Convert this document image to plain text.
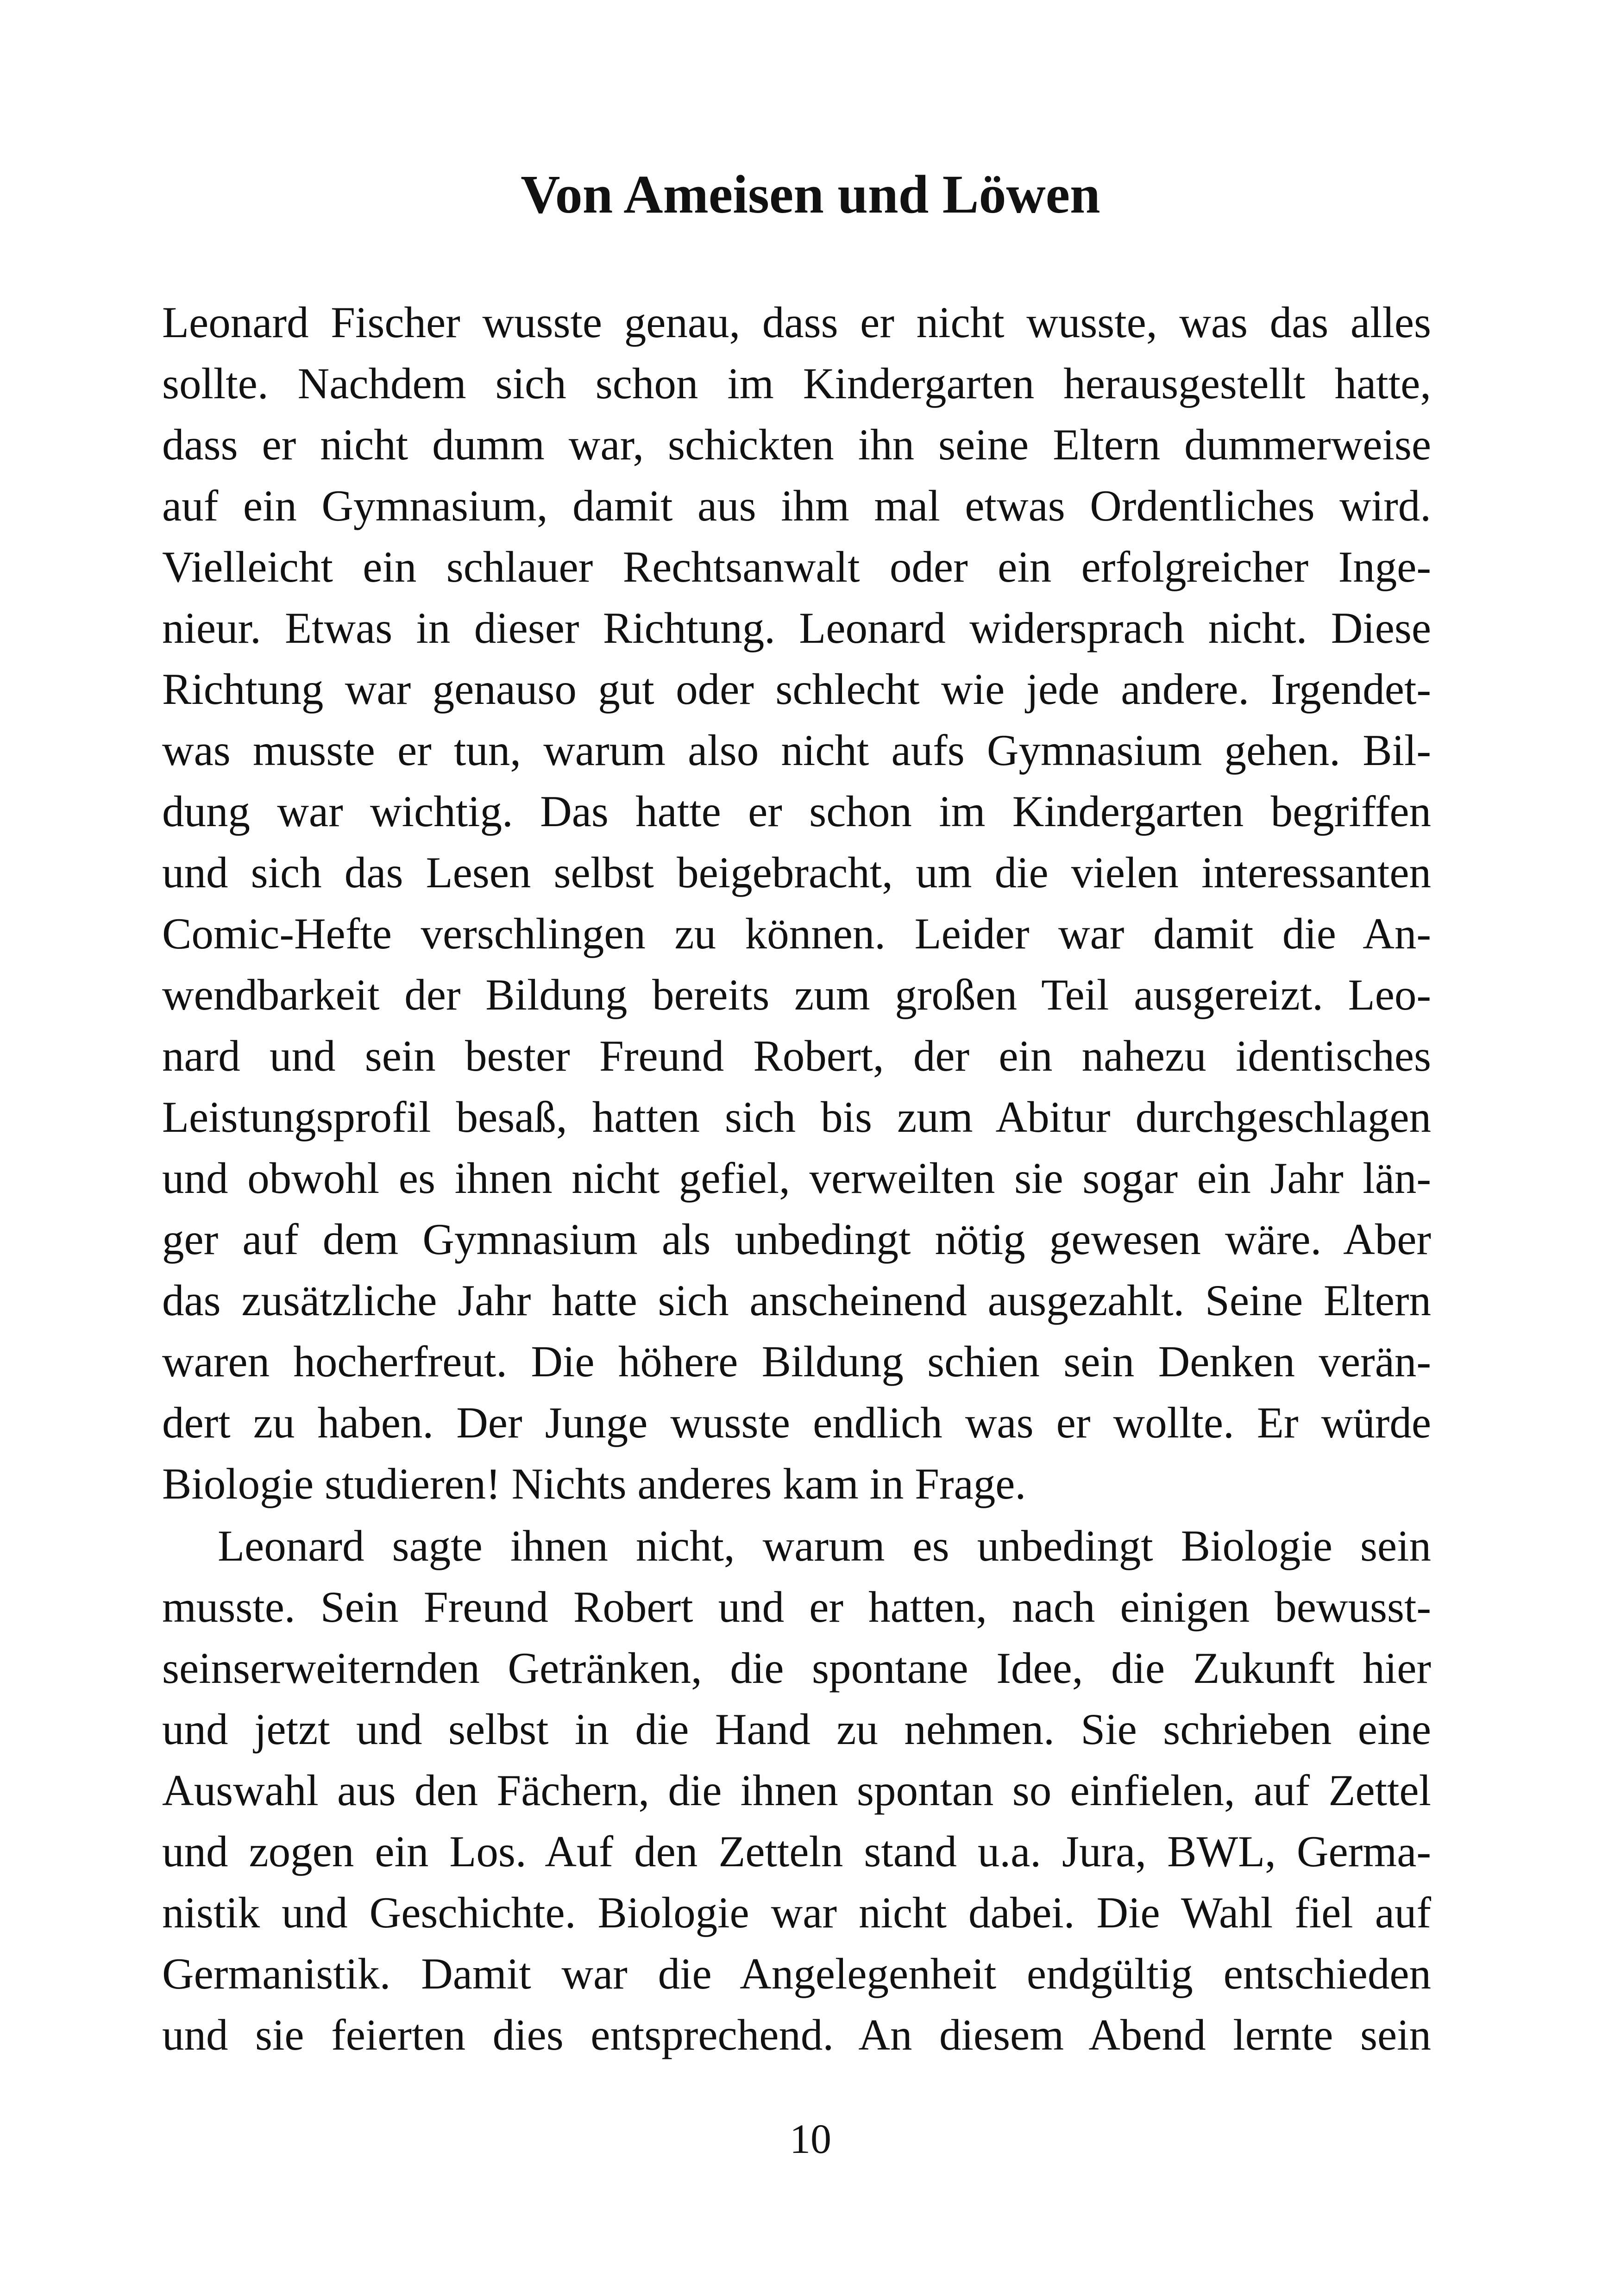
Von Ameisen und Löwen
Leonard Fischer wusste genau, dass er nicht wusste, was das alles
sollte. Nachdem sich schon im Kindergarten herausgestellt hatte,
dass er nicht dumm war, schickten ihn seine Eltern dummerweise
auf ein Gymnasium, damit aus ihm mal etwas Ordentliches wird.
Vielleicht ein schlauer Rechtsanwalt oder ein erfolgreicher Inge-
nieur. Etwas in dieser Richtung. Leonard widersprach nicht. Diese
Richtung war genauso gut oder schlecht wie jede andere. Irgendet-
was musste er tun, warum also nicht aufs Gymnasium gehen. Bil-
dung war wichtig. Das hatte er schon im Kindergarten begriffen
und sich das Lesen selbst beigebracht, um die vielen interessanten
Comic-Hefte verschlingen zu können. Leider war damit die An-
wendbarkeit der Bildung bereits zum großen Teil ausgereizt. Leo-
nard und sein bester Freund Robert, der ein nahezu identisches
Leistungsprofil besaß, hatten sich bis zum Abitur durchgeschlagen
und obwohl es ihnen nicht gefiel, verweilten sie sogar ein Jahr län-
ger auf dem Gymnasium als unbedingt nötig gewesen wäre. Aber
das zusätzliche Jahr hatte sich anscheinend ausgezahlt. Seine Eltern
waren hocherfreut. Die höhere Bildung schien sein Denken verän-
dert zu haben. Der Junge wusste endlich was er wollte. Er würde
Biologie studieren! Nichts anderes kam in Frage.
Leonard sagte ihnen nicht, warum es unbedingt Biologie sein
musste. Sein Freund Robert und er hatten, nach einigen bewusst-
seinserweiternden Getränken, die spontane Idee, die Zukunft hier
und jetzt und selbst in die Hand zu nehmen. Sie schrieben eine
Auswahl aus den Fächern, die ihnen spontan so einfielen, auf Zettel
und zogen ein Los. Auf den Zetteln stand u.a. Jura, BWL, Germa-
nistik und Geschichte. Biologie war nicht dabei. Die Wahl fiel auf
Germanistik. Damit war die Angelegenheit endgültig entschieden
und sie feierten dies entsprechend. An diesem Abend lernte sein
10
